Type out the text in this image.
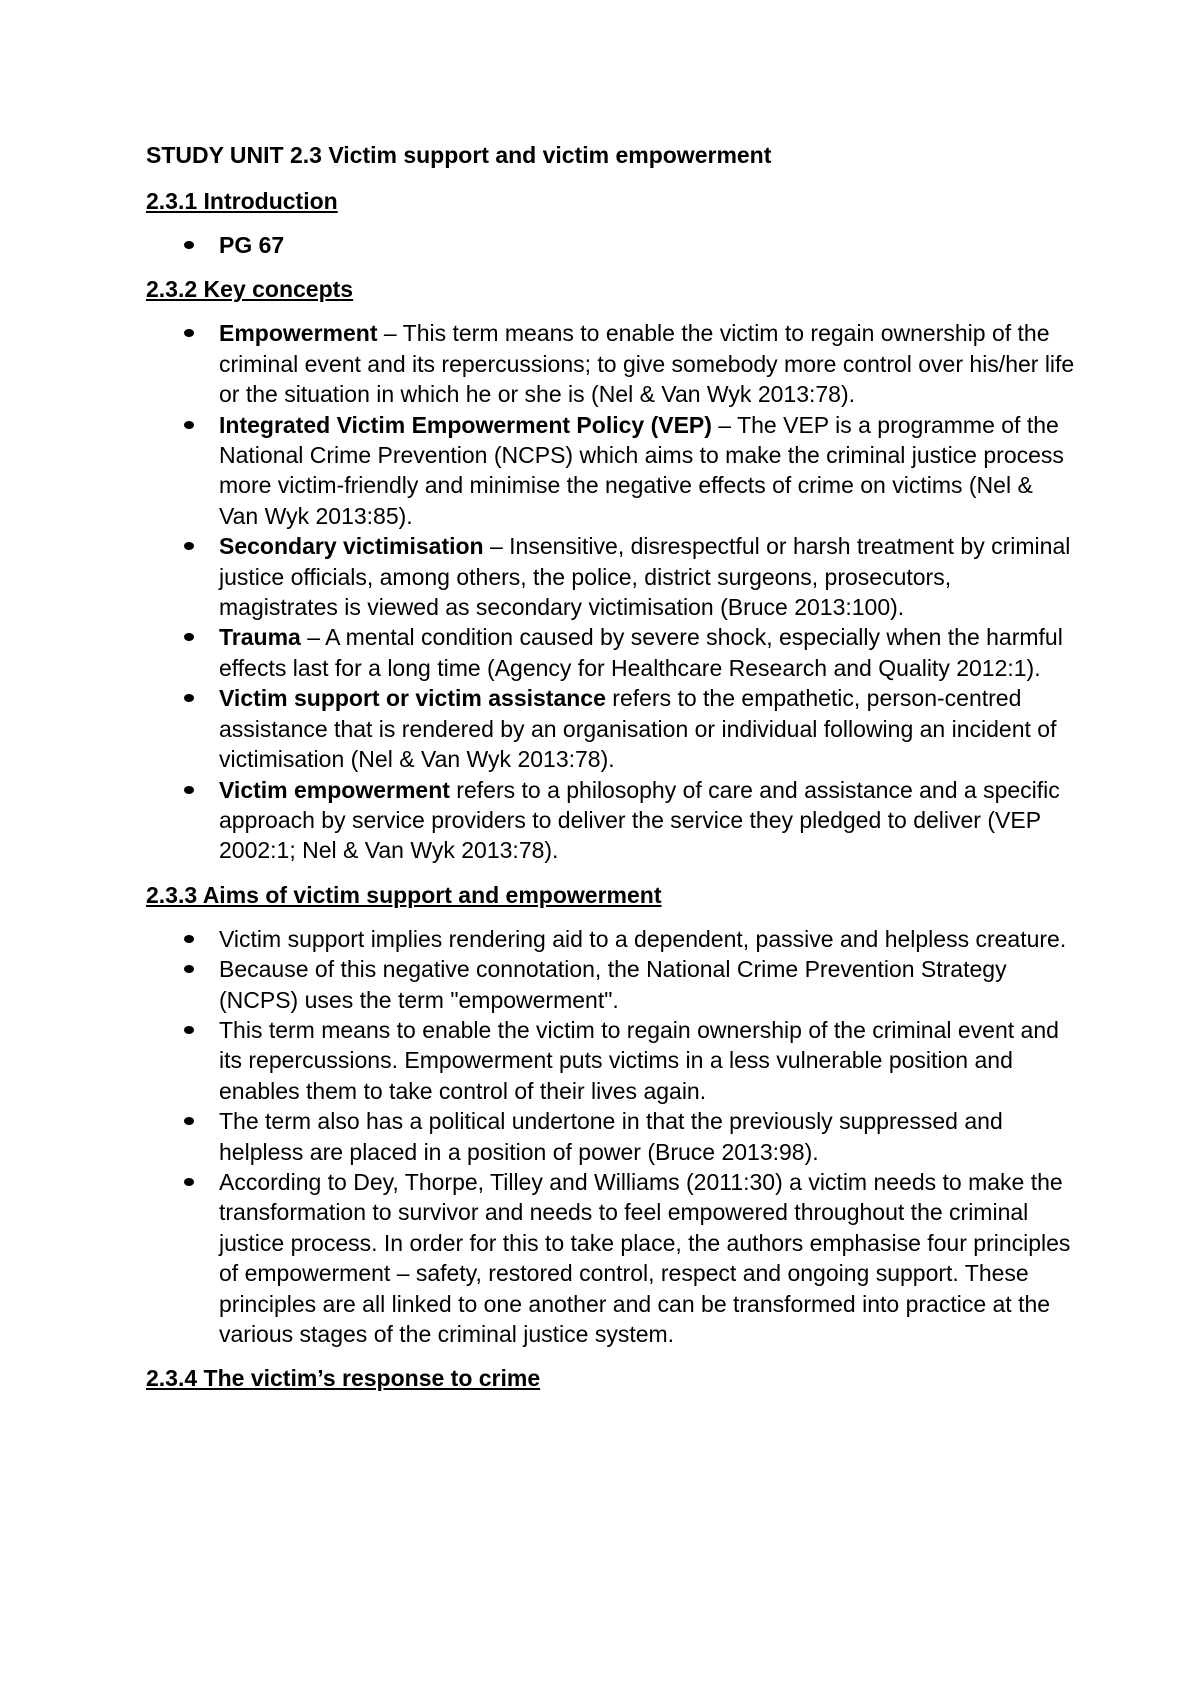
STUDY UNIT 2.3 Victim support and victim empowerment
2.3.1 Introduction
PG 67
2.3.2 Key concepts
Empowerment – This term means to enable the victim to regain ownership of the criminal event and its repercussions; to give somebody more control over his/her life or the situation in which he or she is (Nel & Van Wyk 2013:78).
Integrated Victim Empowerment Policy (VEP) – The VEP is a programme of the National Crime Prevention (NCPS) which aims to make the criminal justice process more victim-friendly and minimise the negative effects of crime on victims (Nel & Van Wyk 2013:85).
Secondary victimisation – Insensitive, disrespectful or harsh treatment by criminal justice officials, among others, the police, district surgeons, prosecutors, magistrates is viewed as secondary victimisation (Bruce 2013:100).
Trauma – A mental condition caused by severe shock, especially when the harmful effects last for a long time (Agency for Healthcare Research and Quality 2012:1).
Victim support or victim assistance refers to the empathetic, person-centred assistance that is rendered by an organisation or individual following an incident of victimisation (Nel & Van Wyk 2013:78).
Victim empowerment refers to a philosophy of care and assistance and a specific approach by service providers to deliver the service they pledged to deliver (VEP 2002:1; Nel & Van Wyk 2013:78).
2.3.3 Aims of victim support and empowerment
Victim support implies rendering aid to a dependent, passive and helpless creature.
Because of this negative connotation, the National Crime Prevention Strategy (NCPS) uses the term "empowerment".
This term means to enable the victim to regain ownership of the criminal event and its repercussions. Empowerment puts victims in a less vulnerable position and enables them to take control of their lives again.
The term also has a political undertone in that the previously suppressed and helpless are placed in a position of power (Bruce 2013:98).
According to Dey, Thorpe, Tilley and Williams (2011:30) a victim needs to make the transformation to survivor and needs to feel empowered throughout the criminal justice process. In order for this to take place, the authors emphasise four principles of empowerment – safety, restored control, respect and ongoing support. These principles are all linked to one another and can be transformed into practice at the various stages of the criminal justice system.
2.3.4 The victim’s response to crime
